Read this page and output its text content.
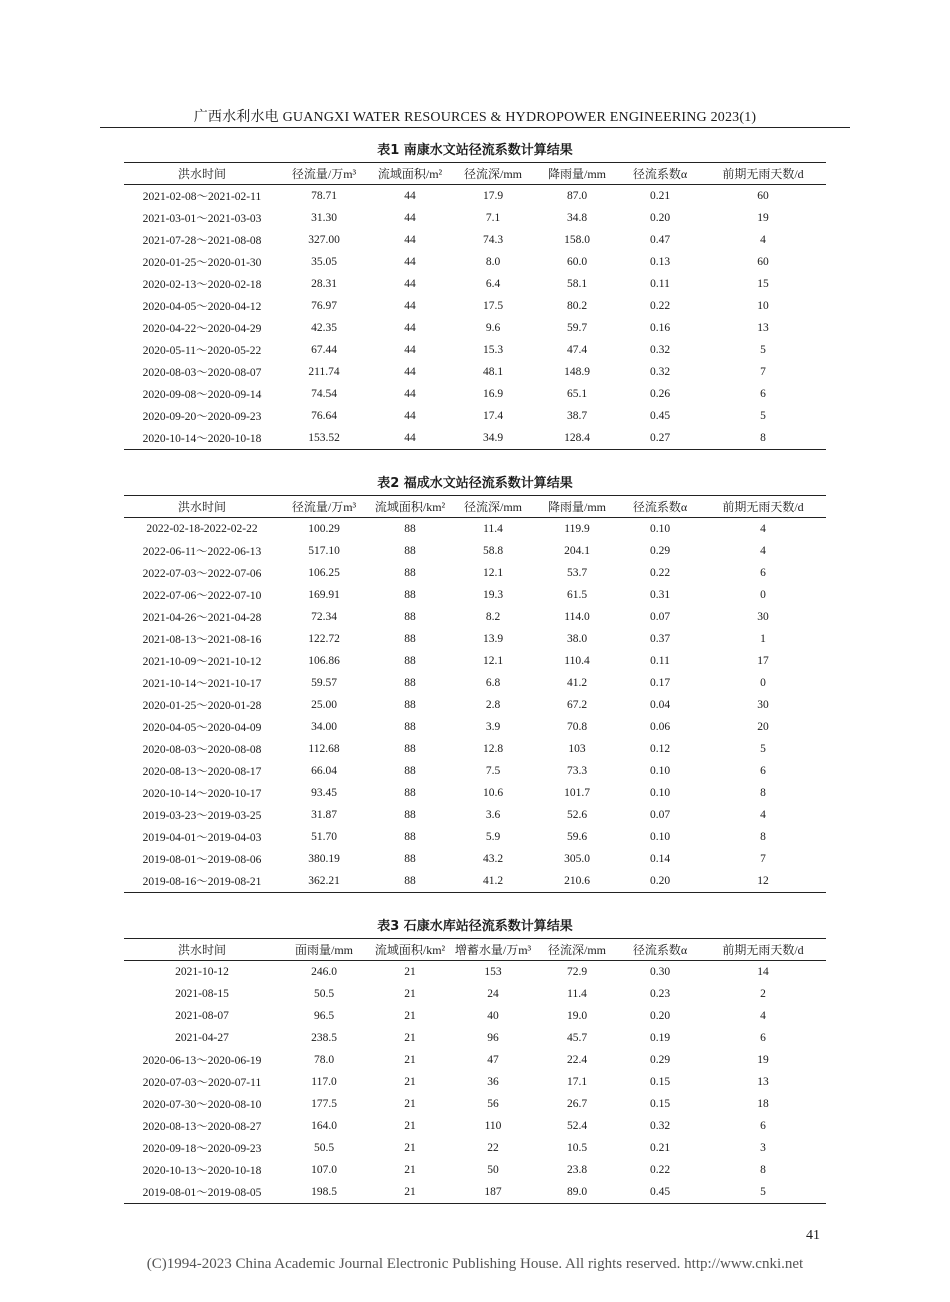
广西水利水电 GUANGXI WATER RESOURCES & HYDROPOWER ENGINEERING 2023(1)
表1 南康水文站径流系数计算结果
洪水时间	径流量/万m³	流域面积/m²	径流深/mm	降雨量/mm	径流系数α	前期无雨天数/d
2021-02-08～2021-02-11	78.71	44	17.9	87.0	0.21	60
2021-03-01～2021-03-03	31.30	44	7.1	34.8	0.20	19
2021-07-28～2021-08-08	327.00	44	74.3	158.0	0.47	4
2020-01-25～2020-01-30	35.05	44	8.0	60.0	0.13	60
2020-02-13～2020-02-18	28.31	44	6.4	58.1	0.11	15
2020-04-05～2020-04-12	76.97	44	17.5	80.2	0.22	10
2020-04-22～2020-04-29	42.35	44	9.6	59.7	0.16	13
2020-05-11～2020-05-22	67.44	44	15.3	47.4	0.32	5
2020-08-03～2020-08-07	211.74	44	48.1	148.9	0.32	7
2020-09-08～2020-09-14	74.54	44	16.9	65.1	0.26	6
2020-09-20～2020-09-23	76.64	44	17.4	38.7	0.45	5
2020-10-14～2020-10-18	153.52	44	34.9	128.4	0.27	8
表2 福成水文站径流系数计算结果
洪水时间	径流量/万m³	流域面积/km²	径流深/mm	降雨量/mm	径流系数α	前期无雨天数/d
2022-02-18-2022-02-22	100.29	88	11.4	119.9	0.10	4
2022-06-11～2022-06-13	517.10	88	58.8	204.1	0.29	4
2022-07-03～2022-07-06	106.25	88	12.1	53.7	0.22	6
2022-07-06～2022-07-10	169.91	88	19.3	61.5	0.31	0
2021-04-26～2021-04-28	72.34	88	8.2	114.0	0.07	30
2021-08-13～2021-08-16	122.72	88	13.9	38.0	0.37	1
2021-10-09～2021-10-12	106.86	88	12.1	110.4	0.11	17
2021-10-14～2021-10-17	59.57	88	6.8	41.2	0.17	0
2020-01-25～2020-01-28	25.00	88	2.8	67.2	0.04	30
2020-04-05～2020-04-09	34.00	88	3.9	70.8	0.06	20
2020-08-03～2020-08-08	112.68	88	12.8	103	0.12	5
2020-08-13～2020-08-17	66.04	88	7.5	73.3	0.10	6
2020-10-14～2020-10-17	93.45	88	10.6	101.7	0.10	8
2019-03-23～2019-03-25	31.87	88	3.6	52.6	0.07	4
2019-04-01～2019-04-03	51.70	88	5.9	59.6	0.10	8
2019-08-01～2019-08-06	380.19	88	43.2	305.0	0.14	7
2019-08-16～2019-08-21	362.21	88	41.2	210.6	0.20	12
表3 石康水库站径流系数计算结果
洪水时间	面雨量/mm	流域面积/km²	增蓄水量/万m³	径流深/mm	径流系数α	前期无雨天数/d
2021-10-12	246.0	21	153	72.9	0.30	14
2021-08-15	50.5	21	24	11.4	0.23	2
2021-08-07	96.5	21	40	19.0	0.20	4
2021-04-27	238.5	21	96	45.7	0.19	6
2020-06-13～2020-06-19	78.0	21	47	22.4	0.29	19
2020-07-03～2020-07-11	117.0	21	36	17.1	0.15	13
2020-07-30～2020-08-10	177.5	21	56	26.7	0.15	18
2020-08-13～2020-08-27	164.0	21	110	52.4	0.32	6
2020-09-18～2020-09-23	50.5	21	22	10.5	0.21	3
2020-10-13～2020-10-18	107.0	21	50	23.8	0.22	8
2019-08-01～2019-08-05	198.5	21	187	89.0	0.45	5
41
(C)1994-2023 China Academic Journal Electronic Publishing House. All rights reserved. http://www.cnki.net
